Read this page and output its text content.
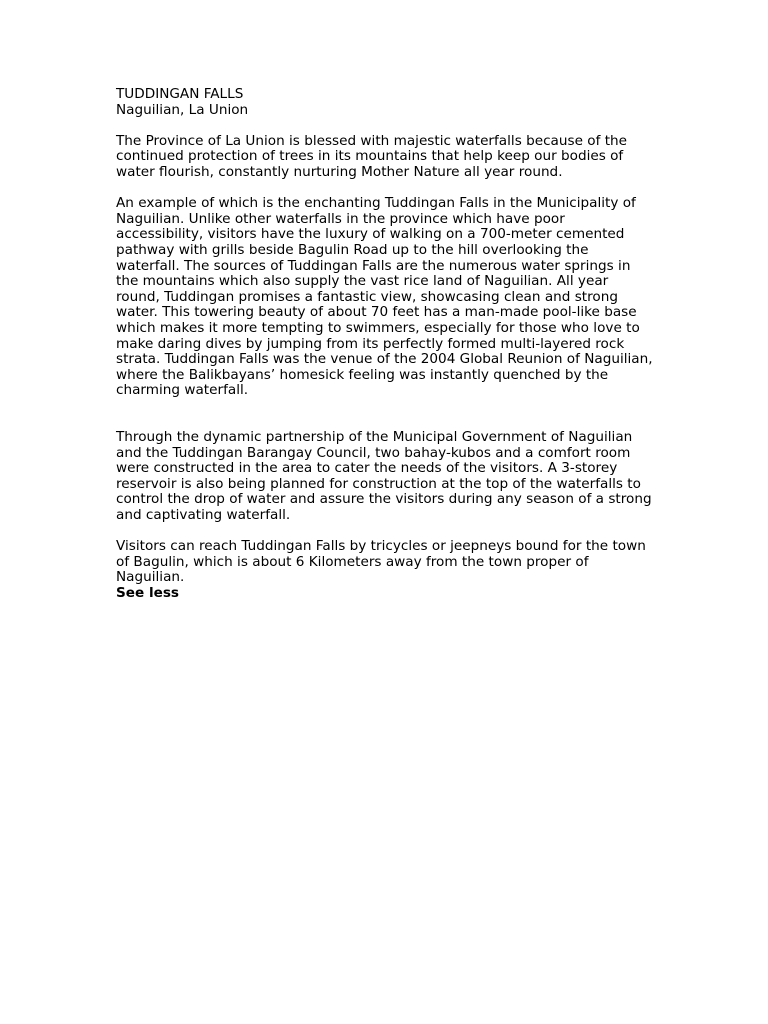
TUDDINGAN FALLS

Naguilian, La Union

The Province of La Union is blessed with majestic waterfalls because of the continued protection of trees in its mountains that help keep our bodies of water flourish, constantly nurturing Mother Nature all year round.

An example of which is the enchanting Tuddingan Falls in the Municipality of Naguilian. Unlike other waterfalls in the province which have poor accessibility, visitors have the luxury of walking on a 700-meter cemented pathway with grills beside Bagulin Road up to the hill overlooking the waterfall. The sources of Tuddingan Falls are the numerous water springs in the mountains which also supply the vast rice land of Naguilian. All year round, Tuddingan promises a fantastic view, showcasing clean and strong water. This towering beauty of about 70 feet has a man-made pool-like base which makes it more tempting to swimmers, especially for those who love to make daring dives by jumping from its perfectly formed multi-layered rock strata. Tuddingan Falls was the venue of the 2004 Global Reunion of Naguilian, where the Balikbayans’ homesick feeling was instantly quenched by the charming waterfall.

Through the dynamic partnership of the Municipal Government of Naguilian and the Tuddingan Barangay Council, two bahay-kubos and a comfort room were constructed in the area to cater the needs of the visitors. A 3-storey reservoir is also being planned for construction at the top of the waterfalls to control the drop of water and assure the visitors during any season of a strong and captivating waterfall.

Visitors can reach Tuddingan Falls by tricycles or jeepneys bound for the town of Bagulin, which is about 6 Kilometers away from the town proper of Naguilian.

See less
